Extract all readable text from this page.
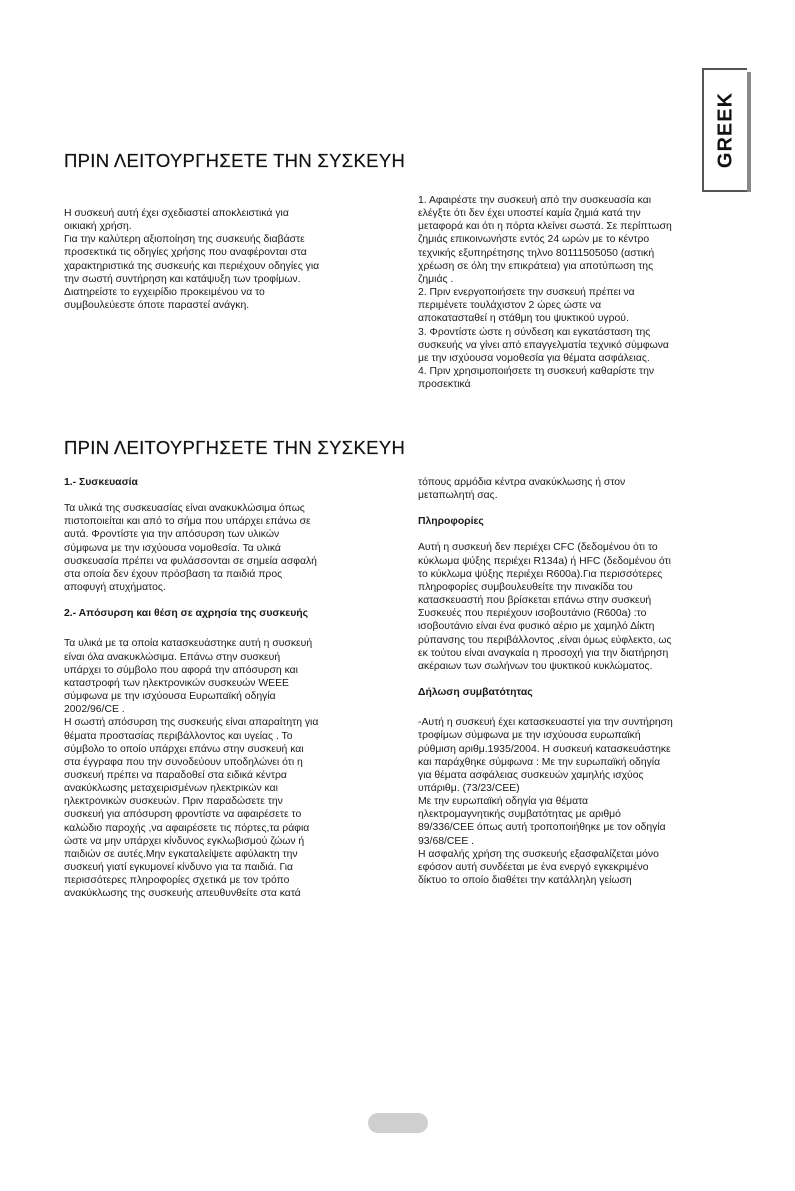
GREEK
ΠΡΙΝ ΛΕΙΤΟΥΡΓΗΣΕΤΕ ΤΗΝ ΣΥΣΚΕΥΗ
Η συσκευή αυτή έχει σχεδιαστεί αποκλειστικά για
οικιακή χρήση.
Για την καλύτερη αξιοποίηση της συσκευής διαβάστε
προσεκτικά τις οδηγίες χρήσης που αναφέρονται στα
χαρακτηριστικά της συσκευής και περιέχουν οδηγίες για
την σωστή συντήρηση και κατάψυξη των τροφίμων.
Διατηρείστε το εγχειρίδιο προκειμένου να το
συμβουλεύεστε όποτε παραστεί ανάγκη.
1. Αφαιρέστε την συσκευή από την συσκευασία και
ελέγξτε ότι δεν έχει υποστεί καμία ζημιά κατά την
μεταφορά και ότι η πόρτα κλείνει σωστά. Σε περίπτωση
ζημιάς επικοινωνήστε εντός 24 ωρών με το κέντρο
τεχνικής εξυπηρέτησης τηλνο 80111505050 (αστική
χρέωση σε όλη την επικράτεια) για αποτύπωση της
ζημιάς .
2. Πριν ενεργοποιήσετε την συσκευή πρέπει να
περιμένετε τουλάχιστον 2 ώρες ώστε να
αποκατασταθεί η στάθμη του ψυκτικού υγρού.
3. Φροντίστε ώστε η σύνδεση και εγκατάσταση της
συσκευής να γίνει από επαγγελματία τεχνικό σύμφωνα
με την ισχύουσα νομοθεσία για θέματα ασφάλειας.
4. Πριν χρησιμοποιήσετε τη συσκευή καθαρίστε την
προσεκτικά
ΠΡΙΝ ΛΕΙΤΟΥΡΓΗΣΕΤΕ ΤΗΝ ΣΥΣΚΕΥΗ
1.- Συσκευασία
Τα υλικά της συσκευασίας είναι ανακυκλώσιμα όπως
πιστοποιείται και από το σήμα που υπάρχει επάνω σε
αυτά. Φροντίστε για την απόσυρση των υλικών
σύμφωνα με την ισχύουσα νομοθεσία. Τα υλικά
συσκευασία πρέπει να φυλάσσονται σε σημεία ασφαλή
στα οποία δεν έχουν πρόσβαση τα παιδιά προς
αποφυγή ατυχήματος.
2.- Απόσυρση και θέση σε αχρησία της συσκευής
Τα υλικά με τα οποία κατασκευάστηκε αυτή η συσκευή
είναι όλα ανακυκλώσιμα. Επάνω στην συσκευή
υπάρχει το σύμβολο που αφορά την απόσυρση και
καταστροφή των ηλεκτρονικών συσκευών WEEE
σύμφωνα με την ισχύουσα Ευρωπαϊκή οδηγία
2002/96/CE .
Η σωστή απόσυρση της συσκευής είναι απαραίτητη για
θέματα προστασίας περιβάλλοντος και υγείας . Το
σύμβολο το οποίο υπάρχει επάνω στην συσκευή και
στα έγγραφα που την συνοδεύουν υποδηλώνει ότι η
συσκευή πρέπει να παραδοθεί στα ειδικά κέντρα
ανακύκλωσης μεταχειρισμένων ηλεκτρικών και
ηλεκτρονικών συσκευών. Πριν παραδώσετε την
συσκευή για απόσυρση φροντίστε να αφαιρέσετε το
καλώδιο παροχής ,να αφαιρέσετε τις πόρτες,τα ράφια
ώστε να μην υπάρχει κίνδυνος εγκλωβισμού ζώων ή
παιδιών σε αυτές.Μην εγκαταλείψετε αφύλακτη την
συσκευή γιατί εγκυμονεί κίνδυνο για τα παιδιά. Για
περισσότερες πληροφορίες σχετικά με τον τρόπο
ανακύκλωσης της συσκευής απευθυνθείτε στα κατά
τόπους αρμόδια κέντρα ανακύκλωσης ή στον
μεταπωλητή σας.
Πληροφορίες
Αυτή η συσκευή δεν περιέχει CFC (δεδομένου ότι το
κύκλωμα ψύξης περιέχει R134a) ή HFC (δεδομένου ότι
το κύκλωμα ψύξης περιέχει R600a).Για περισσότερες
πληροφορίες συμβουλευθείτε την πινακίδα του
κατασκευαστή που βρίσκεται επάνω στην συσκευή
Συσκευές που περιέχουν ισοβουτάνιο (R600a) :το
ισοβουτάνιο είναι ένα φυσικό αέριο με χαμηλό Δίκτη
ρύπανσης του περιβάλλοντος ,είναι όμως εύφλεκτο, ως
εκ τούτου είναι αναγκαία η προσοχή για την διατήρηση
ακέραιων των σωλήνων του ψυκτικού κυκλώματος.
Δήλωση συμβατότητας
-Αυτή η συσκευή έχει κατασκευαστεί για την συντήρηση
τροφίμων σύμφωνα με την ισχύουσα ευρωπαϊκή
ρύθμιση αριθμ.1935/2004. Η συσκευή κατασκευάστηκε
και παράχθηκε σύμφωνα : Με την ευρωπαϊκή οδηγία
για θέματα ασφάλειας συσκευών χαμηλής ισχύος
υπάριθμ. (73/23/CEE)
Με την ευρωπαϊκή οδηγία για θέματα
ηλεκτρομαγνητικής συμβατότητας με αριθμό
89/336/CEE όπως αυτή τροποποιήθηκε με τον οδηγία
93/68/CEE .
Η ασφαλής χρήση της συσκευής εξασφαλίζεται μόνο
εφόσον αυτή συνδέεται με ένα ενεργό εγκεκριμένο
δίκτυο το οποίο διαθέτει την κατάλληλη γείωση
